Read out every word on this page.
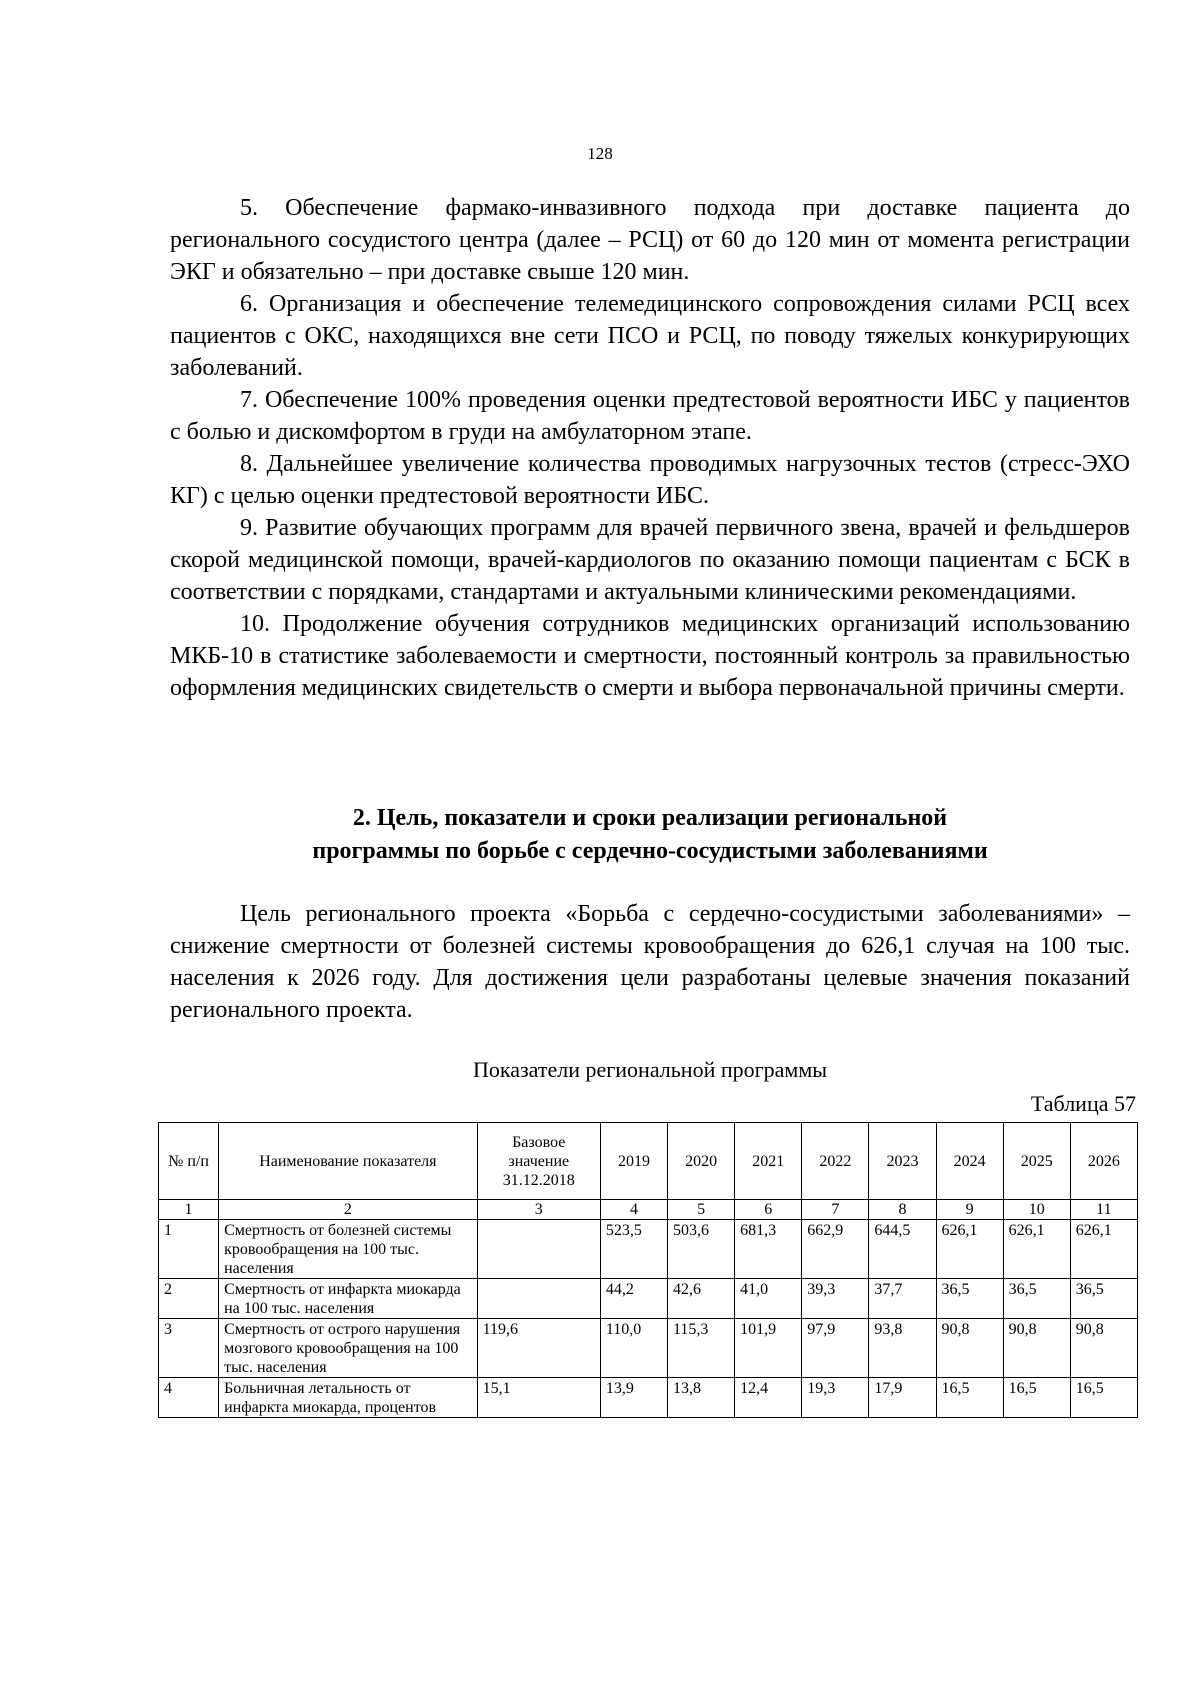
128

5. Обеспечение фармако-инвазивного подхода при доставке пациента до регионального сосудистого центра (далее – РСЦ) от 60 до 120 мин от момента регистрации ЭКГ и обязательно – при доставке свыше 120 мин.

6. Организация и обеспечение телемедицинского сопровождения силами РСЦ всех пациентов с ОКС, находящихся вне сети ПСО и РСЦ, по поводу тяжелых конкурирующих заболеваний.

7. Обеспечение 100% проведения оценки предтестовой вероятности ИБС у пациентов с болью и дискомфортом в груди на амбулаторном этапе.

8. Дальнейшее увеличение количества проводимых нагрузочных тестов (стресс-ЭХО КГ) с целью оценки предтестовой вероятности ИБС.

9. Развитие обучающих программ для врачей первичного звена, врачей и фельдшеров скорой медицинской помощи, врачей-кардиологов по оказанию помощи пациентам с БСК в соответствии с порядками, стандартами и актуальными клиническими рекомендациями.

10. Продолжение обучения сотрудников медицинских организаций использованию МКБ-10 в статистике заболеваемости и смертности, постоянный контроль за правильностью оформления медицинских свидетельств о смерти и выбора первоначальной причины смерти.

2. Цель, показатели и сроки реализации региональной
программы по борьбе с сердечно-сосудистыми заболеваниями

Цель регионального проекта «Борьба с сердечно-сосудистыми заболеваниями» – снижение смертности от болезней системы кровообращения до 626,1 случая на 100 тыс. населения к 2026 году. Для достижения цели разработаны целевые значения показаний регионального проекта.

Показатели региональной программы
Таблица 57
№ п/п	Наименование показателя	Базовое значение 31.12.2018	2019	2020	2021	2022	2023	2024	2025	2026
1	2	3	4	5	6	7	8	9	10	11
1	Смертность от болезней системы кровообращения на 100 тыс. населения		523,5	503,6	681,3	662,9	644,5	626,1	626,1	626,1
2	Смертность от инфаркта миокарда на 100 тыс. населения		44,2	42,6	41,0	39,3	37,7	36,5	36,5	36,5
3	Смертность от острого нарушения мозгового кровообращения на 100 тыс. населения	119,6	110,0	115,3	101,9	97,9	93,8	90,8	90,8	90,8
4	Больничная летальность от инфаркта миокарда, процентов	15,1	13,9	13,8	12,4	19,3	17,9	16,5	16,5	16,5
